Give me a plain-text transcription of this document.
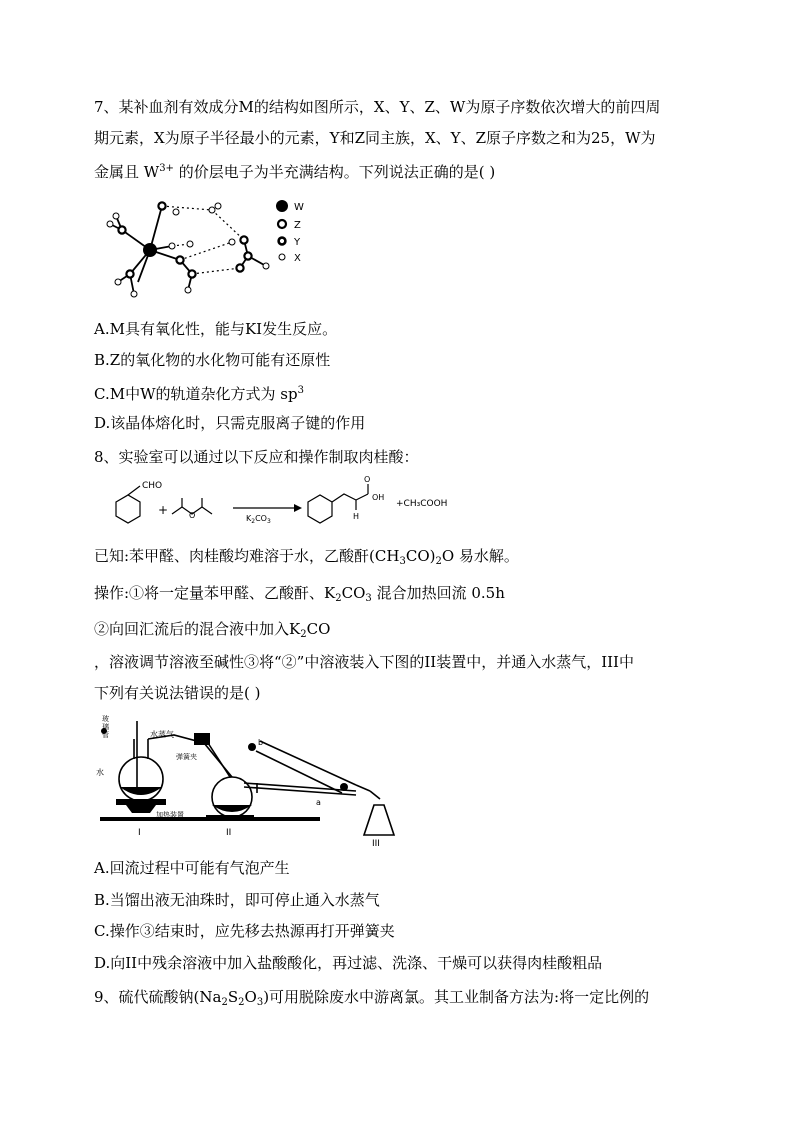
7、某补血剂有效成分M的结构如图所示，X、Y、Z、W为原子序数依次增大的前四周
期元素，X为原子半径最小的元素，Y和Z同主族，X、Y、Z原子序数之和为25，W为
金属且 $W^{3+}$ 的价层电子为半充满结构。下列说法正确的是( )
W
Z
Y
X
A.M具有氧化性，能与KI发生反应。
B.Z的氧化物的水化物可能有还原性
C.M中W的轨道杂化方式为 $sp^3$
D.该晶体熔化时，只需克服离子键的作用
8、实验室可以通过以下反应和操作制取肉桂酸：
CHO
+	O	$K_2CO_3$
O
OH
H
+CH₃COOH
已知:苯甲醛、肉桂酸均难溶于水，乙酸酐$(CH_3CO)_2O$ 易水解。
操作:①将一定量苯甲醛、乙酸酐、$K_2CO_3$ 混合加热回流 0.5h
②向回汇流后的混合液中加入$K_2CO$
，溶液调节溶液至碱性③将“②”中溶液装入下图的II装置中，并通入水蒸气，III中
下列有关说法错误的是( )
玻
璃
管	水蒸气
弹簧夹
水
加热装置
b
a
I	II
III
A.回流过程中可能有气泡产生
B.当馏出液无油珠时，即可停止通入水蒸气
C.操作③结束时，应先移去热源再打开弹簧夹
D.向II中残余溶液中加入盐酸酸化，再过滤、洗涤、干燥可以获得肉桂酸粗品
9、硫代硫酸钠$(Na_2S_2O_3)$可用脱除废水中游离氯。其工业制备方法为:将一定比例的
